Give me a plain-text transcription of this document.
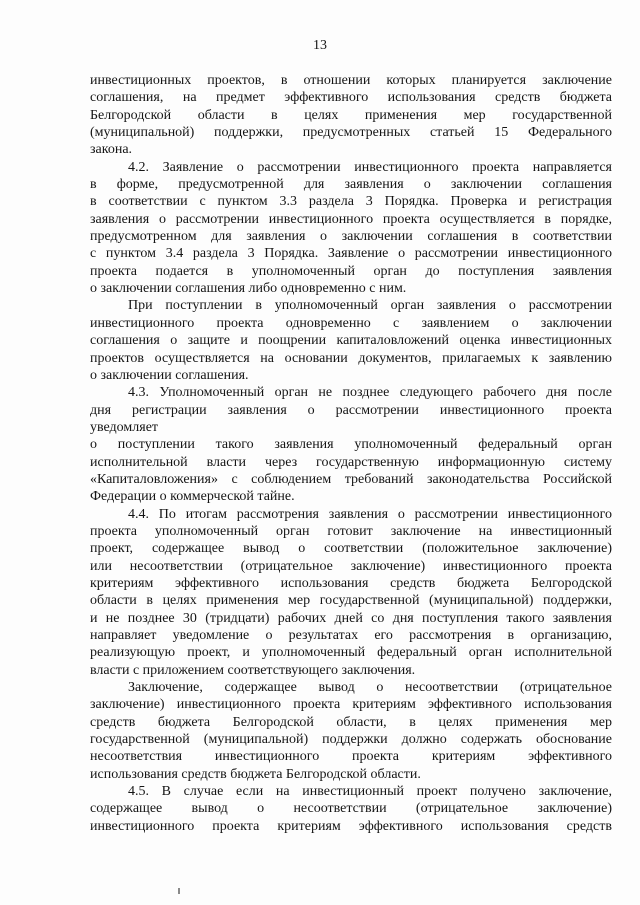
13
инвестиционных проектов, в отношении которых планируется заключение
соглашения, на предмет эффективного использования средств бюджета
Белгородской области в целях применения мер государственной
(муниципальной) поддержки, предусмотренных статьей 15 Федерального
закона.
4.2. Заявление о рассмотрении инвестиционного проекта направляется
в форме, предусмотренной для заявления о заключении соглашения
в соответствии с пунктом 3.3 раздела 3 Порядка. Проверка и регистрация
заявления о рассмотрении инвестиционного проекта осуществляется в порядке,
предусмотренном для заявления о заключении соглашения в соответствии
с пунктом 3.4 раздела 3 Порядка. Заявление о рассмотрении инвестиционного
проекта подается в уполномоченный орган до поступления заявления
о заключении соглашения либо одновременно с ним.
При поступлении в уполномоченный орган заявления о рассмотрении
инвестиционного проекта одновременно с заявлением о заключении
соглашения о защите и поощрении капиталовложений оценка инвестиционных
проектов осуществляется на основании документов, прилагаемых к заявлению
о заключении соглашения.
4.3. Уполномоченный орган не позднее следующего рабочего дня после
дня регистрации заявления о рассмотрении инвестиционного проекта
уведомляет
о поступлении такого заявления уполномоченный федеральный орган
исполнительной власти через государственную информационную систему
«Капиталовложения» с соблюдением требований законодательства Российской
Федерации о коммерческой тайне.
4.4. По итогам рассмотрения заявления о рассмотрении инвестиционного
проекта уполномоченный орган готовит заключение на инвестиционный
проект, содержащее вывод о соответствии (положительное заключение)
или несоответствии (отрицательное заключение) инвестиционного проекта
критериям эффективного использования средств бюджета Белгородской
области в целях применения мер государственной (муниципальной) поддержки,
и не позднее 30 (тридцати) рабочих дней со дня поступления такого заявления
направляет уведомление о результатах его рассмотрения в организацию,
реализующую проект, и уполномоченный федеральный орган исполнительной
власти с приложением соответствующего заключения.
Заключение, содержащее вывод о несоответствии (отрицательное
заключение) инвестиционного проекта критериям эффективного использования
средств бюджета Белгородской области, в целях применения мер
государственной (муниципальной) поддержки должно содержать обоснование
несоответствия инвестиционного проекта критериям эффективного
использования средств бюджета Белгородской области.
4.5. В случае если на инвестиционный проект получено заключение,
содержащее вывод о несоответствии (отрицательное заключение)
инвестиционного проекта критериям эффективного использования средств
